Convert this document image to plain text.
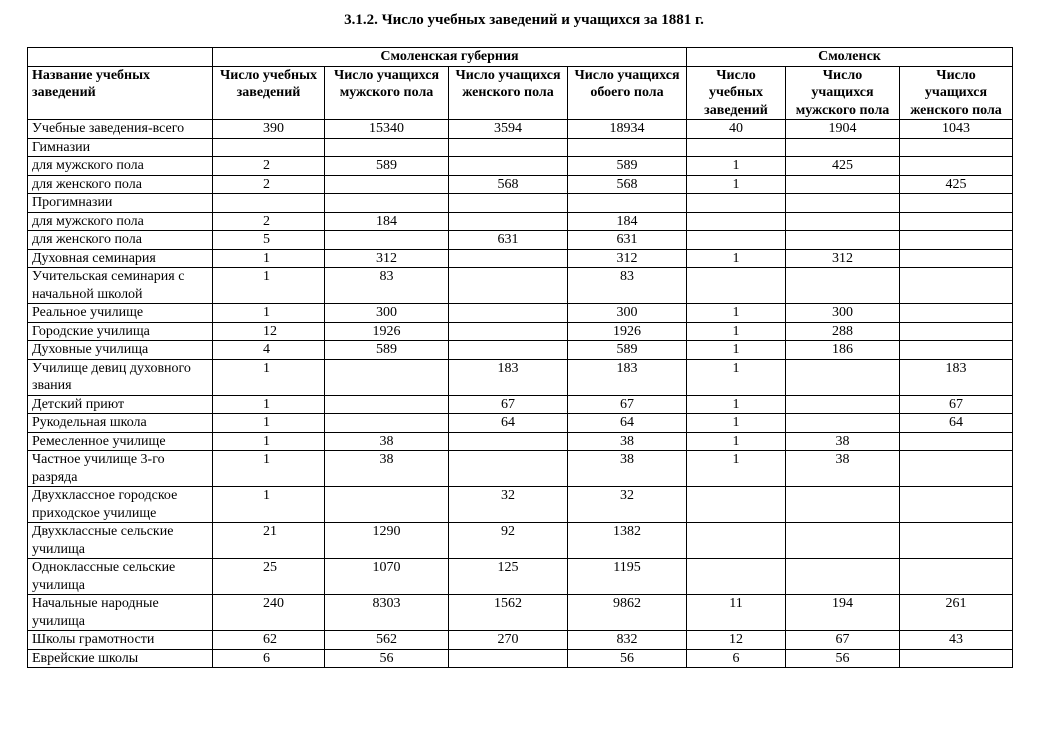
3.1.2. Число учебных заведений и учащихся за 1881 г.
	Смоленская губерния				Смоленск		
Название учебных заведений	Число учебных заведений	Число учащихся мужского пола	Число учащихся женского пола	Число учащихся обоего пола	Число учебных заведений	Число учащихся мужского пола	Число учащихся женского пола
Учебные заведения-всего	390	15340	3594	18934	40	1904	1043
Гимназии							
для мужского пола	2	589		589	1	425	
для женского пола	2		568	568	1		425
Прогимназии							
для мужского пола	2	184		184			
для женского пола	5		631	631			
Духовная семинария	1	312		312	1	312	
Учительская семинария с начальной школой	1	83		83			
Реальное училище	1	300		300	1	300	
Городские училища	12	1926		1926	1	288	
Духовные училища	4	589		589	1	186	
Училище девиц духовного звания	1		183	183	1		183
Детский приют	1		67	67	1		67
Рукодельная школа	1		64	64	1		64
Ремесленное училище	1	38		38	1	38	
Частное училище 3-го разряда	1	38		38	1	38	
Двухклассное городское приходское училище	1		32	32			
Двухклассные сельские училища	21	1290	92	1382			
Одноклассные сельские училища	25	1070	125	1195			
Начальные народные училища	240	8303	1562	9862	11	194	261
Школы грамотности	62	562	270	832	12	67	43
Еврейские школы	6	56		56	6	56	
